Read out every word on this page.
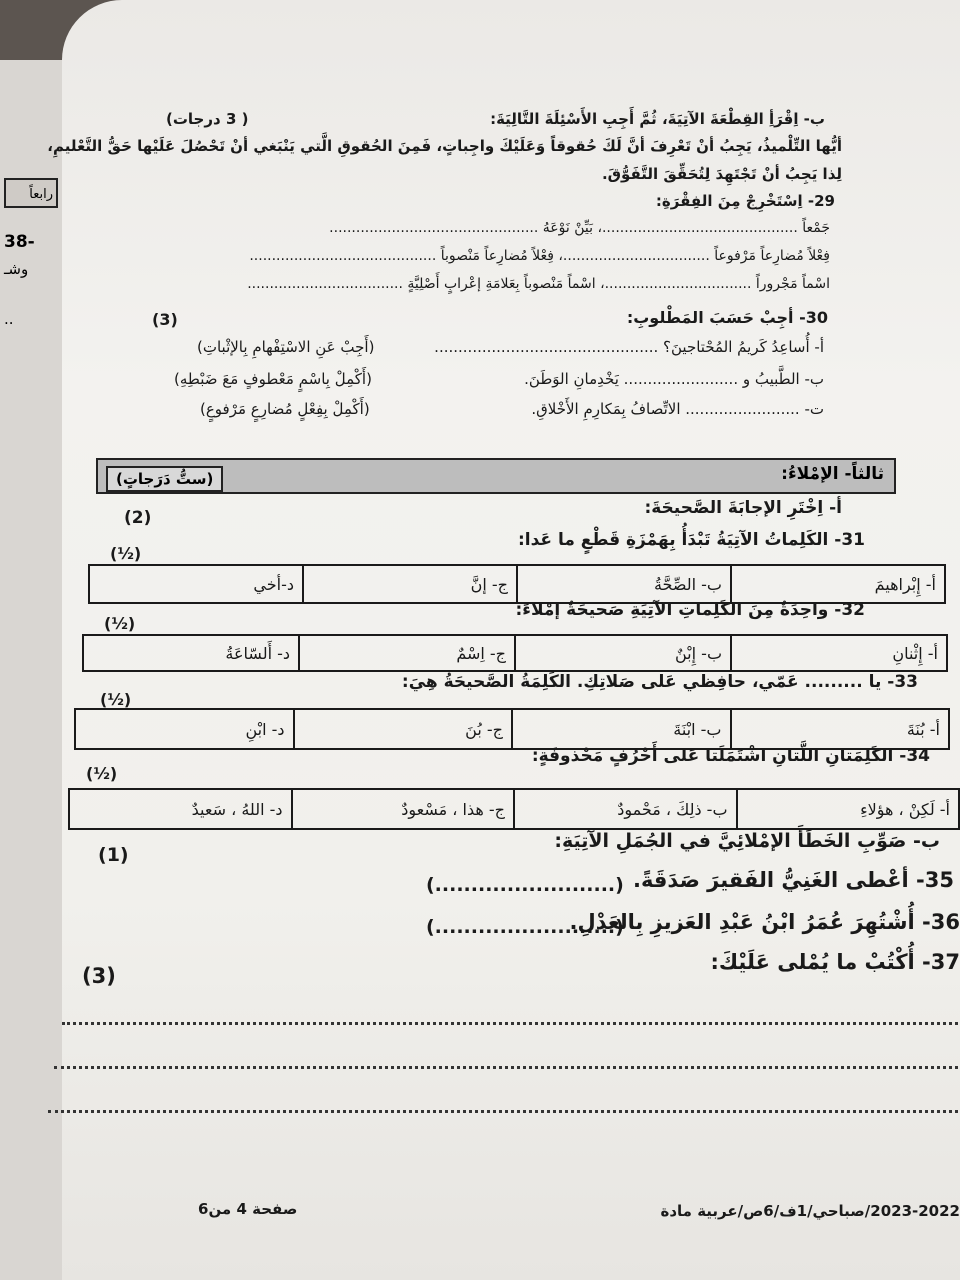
رابعاً
38-
وشـ
..
ب- اِقْرَأِ القِطْعَةَ الآتِيَةَ، ثُمَّ أَجِبِ الأَسْئِلَةَ التَّالِيَةَ:
( 3 درجات)
أيُّها التِّلْميذُ، يَجِبُ أنْ تَعْرِفَ أنَّ لَكَ حُقوقاً وَعَلَيْكَ واجِباتٍ، فَمِنَ الحُقوقِ الَّتي يَنْبَغي أنْ تَحْصُلَ عَلَيْها حَقُّ التَّعْليمِ،
لِذا يَجِبُ أنْ تَجْتَهِدَ لِتُحَقِّقَ التَّفَوُّقَ.
29- اِسْتَخْرِجْ مِنَ الفِقْرَةِ:
جَمْعاً ............................................، بَيِّنْ نَوْعَهُ ...............................................
فِعْلاً مُضارِعاً مَرْفوعاً .................................، فِعْلاً مُضارِعاً مَنْصوباً ..........................................
اسْماً مَجْروراً .................................، اسْماً مَنْصوباً بِعَلامَةِ إعْرابٍ أَصْلِيَّةٍ ...................................
30- أجِبْ حَسَبَ المَطْلوبِ:
(3)
أ- أُساعِدُ كَريمُ المُحْتاجينَ؟ ...............................................
(أَجِبْ عَنِ الاسْتِفْهامِ بِالإثْباتِ)
ب- الطَّبيبُ و ........................ يَخْدِمانِ الوَطَنَ.
(أَكْمِلْ بِاسْمٍ مَعْطوفٍ مَعَ ضَبْطِهِ)
ت- ........................ الاتِّصافُ بِمَكارِمِ الأَخْلاقِ.
(أَكْمِلْ بِفِعْلٍ مُضارِعٍ مَرْفوعٍ)
ثالثاً- الإمْلاءُ:
(ستُّ دَرَجاتٍ)
أ- اِخْتَرِ الإجابَةَ الصَّحيحَةَ:
(2)
31- الكَلِماتُ الآتِيَةُ تَبْدَأُ بِهَمْزَةِ قَطْعٍ ما عَدا:
(½)
أ- إِبْراهيمَ	ب- الصِّحَّةُ	ج- إنَّ	د-أخي
32- واحِدَةٌ مِنَ الكَلِماتِ الآتِيَةِ صَحيحَةٌ إمْلاءً:
(½)
أ- إِثْنانِ	ب- إِبْنٌ	ج- اِسْمٌ	د- أَلسّاعَةُ
33- يا ......... عَمّي، حافِظي عَلى صَلاتِكِ. الكَلِمَةُ الصَّحيحَةُ هِيَ:
(½)
أ- بُنَةَ	ب- ابْنَةَ	ج- بُنَ	د- ابْنِ
34- الكَلِمَتانِ اللَّتانِ اشْتَمَلَتا عَلى أَحْرُفٍ مَحْذوفَةٍ:
(½)
أ- لَكِنْ ، هؤلاءِ	ب- ذلِكَ ، مَحْمودٌ	ج- هذا ، مَسْعودٌ	د- اللهُ ، سَعيدٌ
ب- صَوِّبِ الخَطَأَ الإمْلائِيَّ في الجُمَلِ الآتِيَةِ:
(1)
35- أعْطى الغَنِيُّ الفَقيرَ صَدَقَةً.
(.........................)
36- أُشْتُهِرَ عُمَرُ ابْنُ عَبْدِ العَزيزِ بِالعَدْلِ.
(.........................)
37- أُكْتُبْ ما يُمْلى عَلَيْكَ:
(3)
صفحة 4 من6	2023-2022/صباحي/1ف/6ص/عربية مادة
